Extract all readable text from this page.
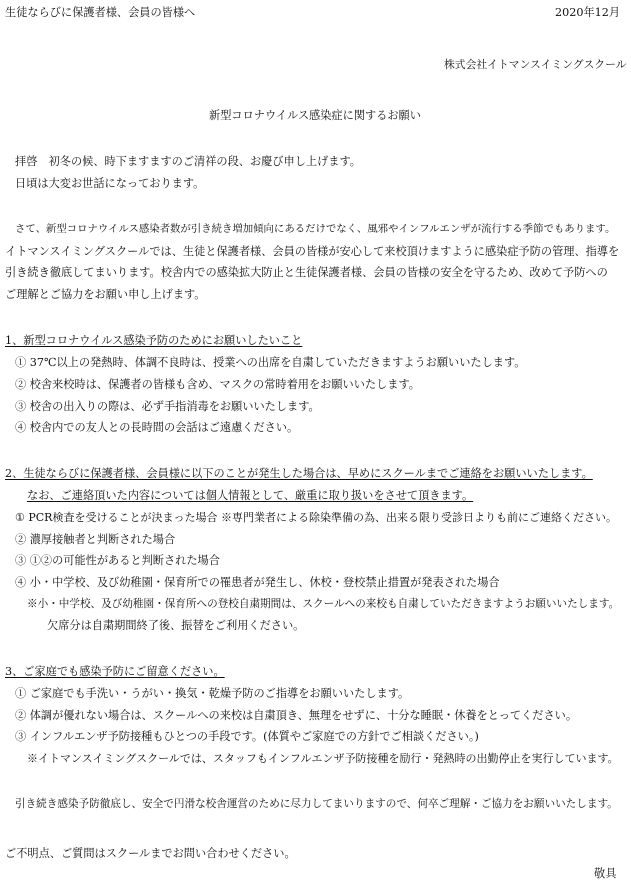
生徒ならびに保護者様、会員の皆様へ	2020年12月
株式会社イトマンスイミングスクール
新型コロナウイルス感染症に関するお願い
拝啓　初冬の候、時下ますますのご清祥の段、お慶び申し上げます。
日頃は大変お世話になっております。
さて、新型コロナウイルス感染者数が引き続き増加傾向にあるだけでなく、風邪やインフルエンザが流行する季節でもあります。
イトマンスイミングスクールでは、生徒と保護者様、会員の皆様が安心して来校頂けますように感染症予防の管理、指導を
引き続き徹底してまいります。校舎内での感染拡大防止と生徒保護者様、会員の皆様の安全を守るため、改めて予防への
ご理解とご協力をお願い申し上げます。
1、新型コロナウイルス感染予防のためにお願いしたいこと
① 37℃以上の発熱時、体調不良時は、授業への出席を自粛していただきますようお願いいたします。
② 校舎来校時は、保護者の皆様も含め、マスクの常時着用をお願いいたします。
③ 校舎の出入りの際は、必ず手指消毒をお願いいたします。
④ 校舎内での友人との長時間の会話はご遠慮ください。
2、生徒ならびに保護者様、会員様に以下のことが発生した場合は、早めにスクールまでご連絡をお願いいたします。
なお、ご連絡頂いた内容については個人情報として、厳重に取り扱いをさせて頂きます。
① PCR検査を受けることが決まった場合 ※専門業者による除染準備の為、出来る限り受診日よりも前にご連絡ください。
② 濃厚接触者と判断された場合
③ ①②の可能性があると判断された場合
④ 小・中学校、及び幼稚園・保育所での罹患者が発生し、休校・登校禁止措置が発表された場合
※小・中学校、及び幼稚園・保育所への登校自粛期間は、スクールへの来校も自粛していただきますようお願いいたします。
欠席分は自粛期間終了後、振替をご利用ください。
3、ご家庭でも感染予防にご留意ください。
① ご家庭でも手洗い・うがい・換気・乾燥予防のご指導をお願いいたします。
② 体調が優れない場合は、スクールへの来校は自粛頂き、無理をせずに、十分な睡眠・休養をとってください。
③ インフルエンザ予防接種もひとつの手段です。(体質やご家庭での方針でご相談ください。)
※イトマンスイミングスクールでは、スタッフもインフルエンザ予防接種を励行・発熱時の出勤停止を実行しています。
引き続き感染予防徹底し、安全で円滑な校舎運営のために尽力してまいりますので、何卒ご理解・ご協力をお願いいたします。
ご不明点、ご質問はスクールまでお問い合わせください。
敬具
